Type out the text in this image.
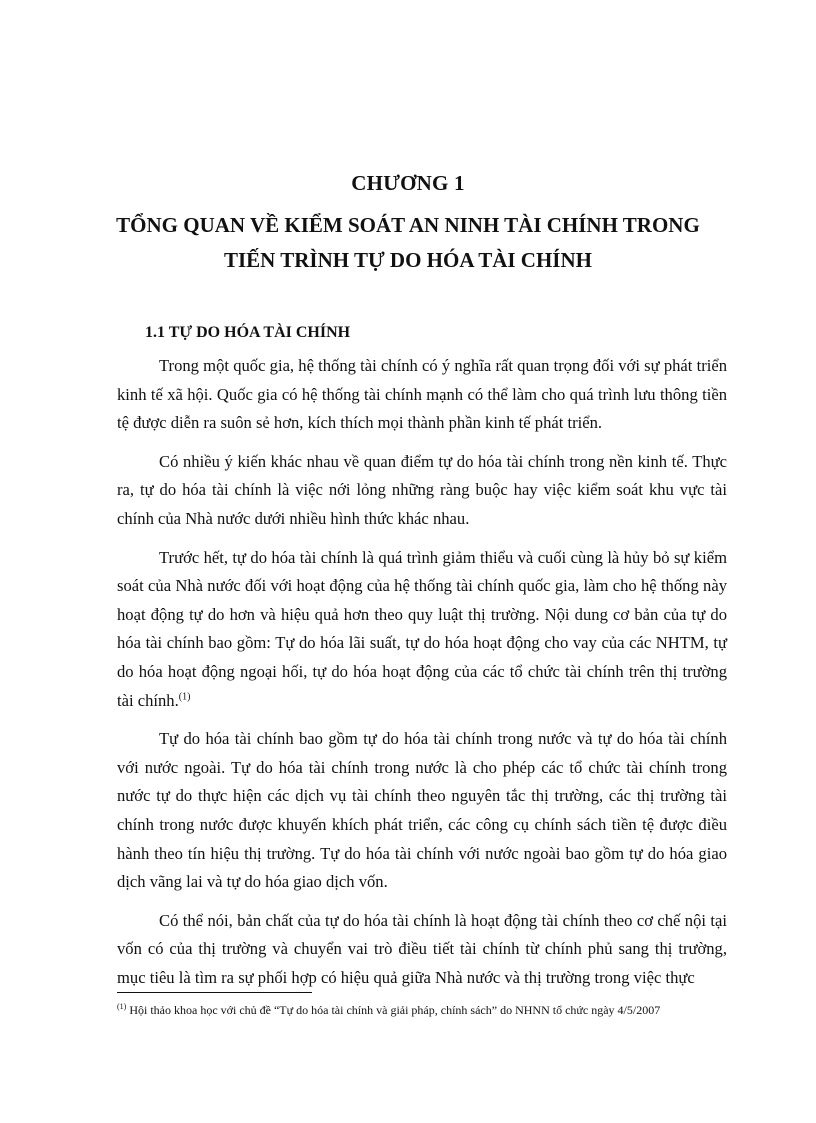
CHƯƠNG 1
TỔNG QUAN VỀ KIỂM SOÁT AN NINH TÀI CHÍNH TRONG
TIẾN TRÌNH TỰ DO HÓA TÀI CHÍNH
1.1 TỰ DO HÓA TÀI CHÍNH

Trong một quốc gia, hệ thống tài chính có ý nghĩa rất quan trọng đối với sự phát triển kinh tế xã hội. Quốc gia có hệ thống tài chính mạnh có thể làm cho quá trình lưu thông tiền tệ được diễn ra suôn sẻ hơn, kích thích mọi thành phần kinh tế phát triển.

Có nhiều ý kiến khác nhau về quan điểm tự do hóa tài chính trong nền kinh tế. Thực ra, tự do hóa tài chính là việc nới lỏng những ràng buộc hay việc kiểm soát khu vực tài chính của Nhà nước dưới nhiều hình thức khác nhau.

Trước hết, tự do hóa tài chính là quá trình giảm thiểu và cuối cùng là hủy bỏ sự kiểm soát của Nhà nước đối với hoạt động của hệ thống tài chính quốc gia, làm cho hệ thống này hoạt động tự do hơn và hiệu quả hơn theo quy luật thị trường. Nội dung cơ bản của tự do hóa tài chính bao gồm: Tự do hóa lãi suất, tự do hóa hoạt động cho vay của các NHTM, tự do hóa hoạt động ngoại hối, tự do hóa hoạt động của các tổ chức tài chính trên thị trường tài chính.$^{(1)}$

Tự do hóa tài chính bao gồm tự do hóa tài chính trong nước và tự do hóa tài chính với nước ngoài. Tự do hóa tài chính trong nước là cho phép các tổ chức tài chính trong nước tự do thực hiện các dịch vụ tài chính theo nguyên tắc thị trường, các thị trường tài chính trong nước được khuyến khích phát triển, các công cụ chính sách tiền tệ được điều hành theo tín hiệu thị trường. Tự do hóa tài chính với nước ngoài bao gồm tự do hóa giao dịch vãng lai và tự do hóa giao dịch vốn.

Có thể nói, bản chất của tự do hóa tài chính là hoạt động tài chính theo cơ chế nội tại vốn có của thị trường và chuyển vai trò điều tiết tài chính từ chính phủ sang thị trường, mục tiêu là tìm ra sự phối hợp có hiệu quả giữa Nhà nước và thị trường trong việc thực

$^{(1)}$ Hội thảo khoa học với chủ đề “Tự do hóa tài chính và giải pháp, chính sách” do NHNN tổ chức ngày 4/5/2007
